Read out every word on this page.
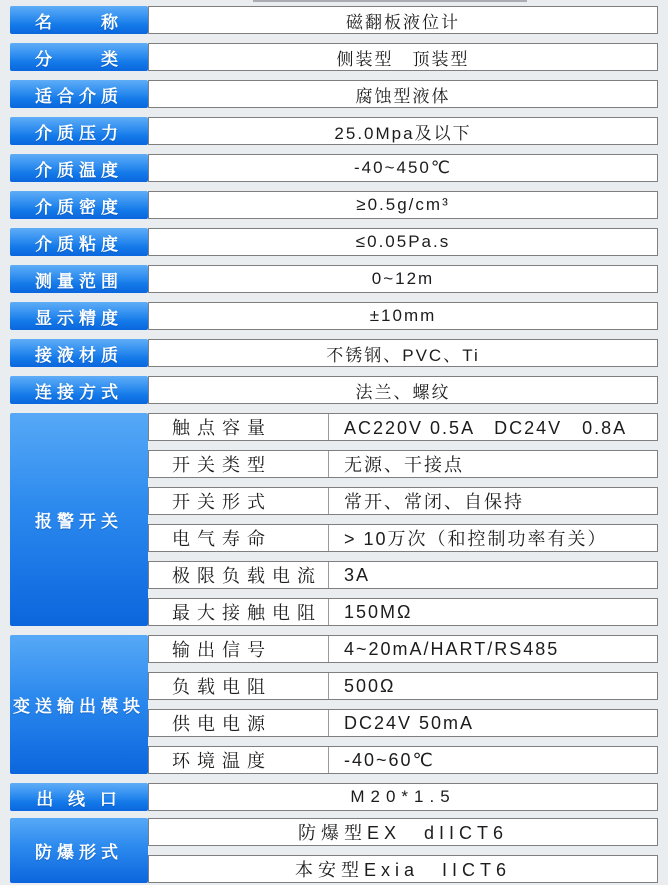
名　　称	磁翻板液位计
分　　类	侧装型　顶装型
适合介质	腐蚀型液体
介质压力	25.0Mpa及以下
介质温度	-40~450℃
介质密度	≥0.5g/cm³
介质粘度	≤0.05Pa.s
测量范围	0~12m
显示精度	±10mm
接液材质	不锈钢、PVC、Ti
连接方式	法兰、螺纹
报警开关
触点容量	AC220V 0.5A　DC24V　0.8A
开关类型	无源、干接点
开关形式	常开、常闭、自保持
电气寿命	> 10万次（和控制功率有关）
极限负载电流	3A
最大接触电阻	150MΩ
变送输出模块
输出信号	4~20mA/HART/RS485
负载电阻	500Ω
供电电源	DC24V 50mA
环境温度	-40~60℃
出 线 口	M20*1.5
防爆形式
防爆型EX　dIICT6
本安型Exia　IICT6
